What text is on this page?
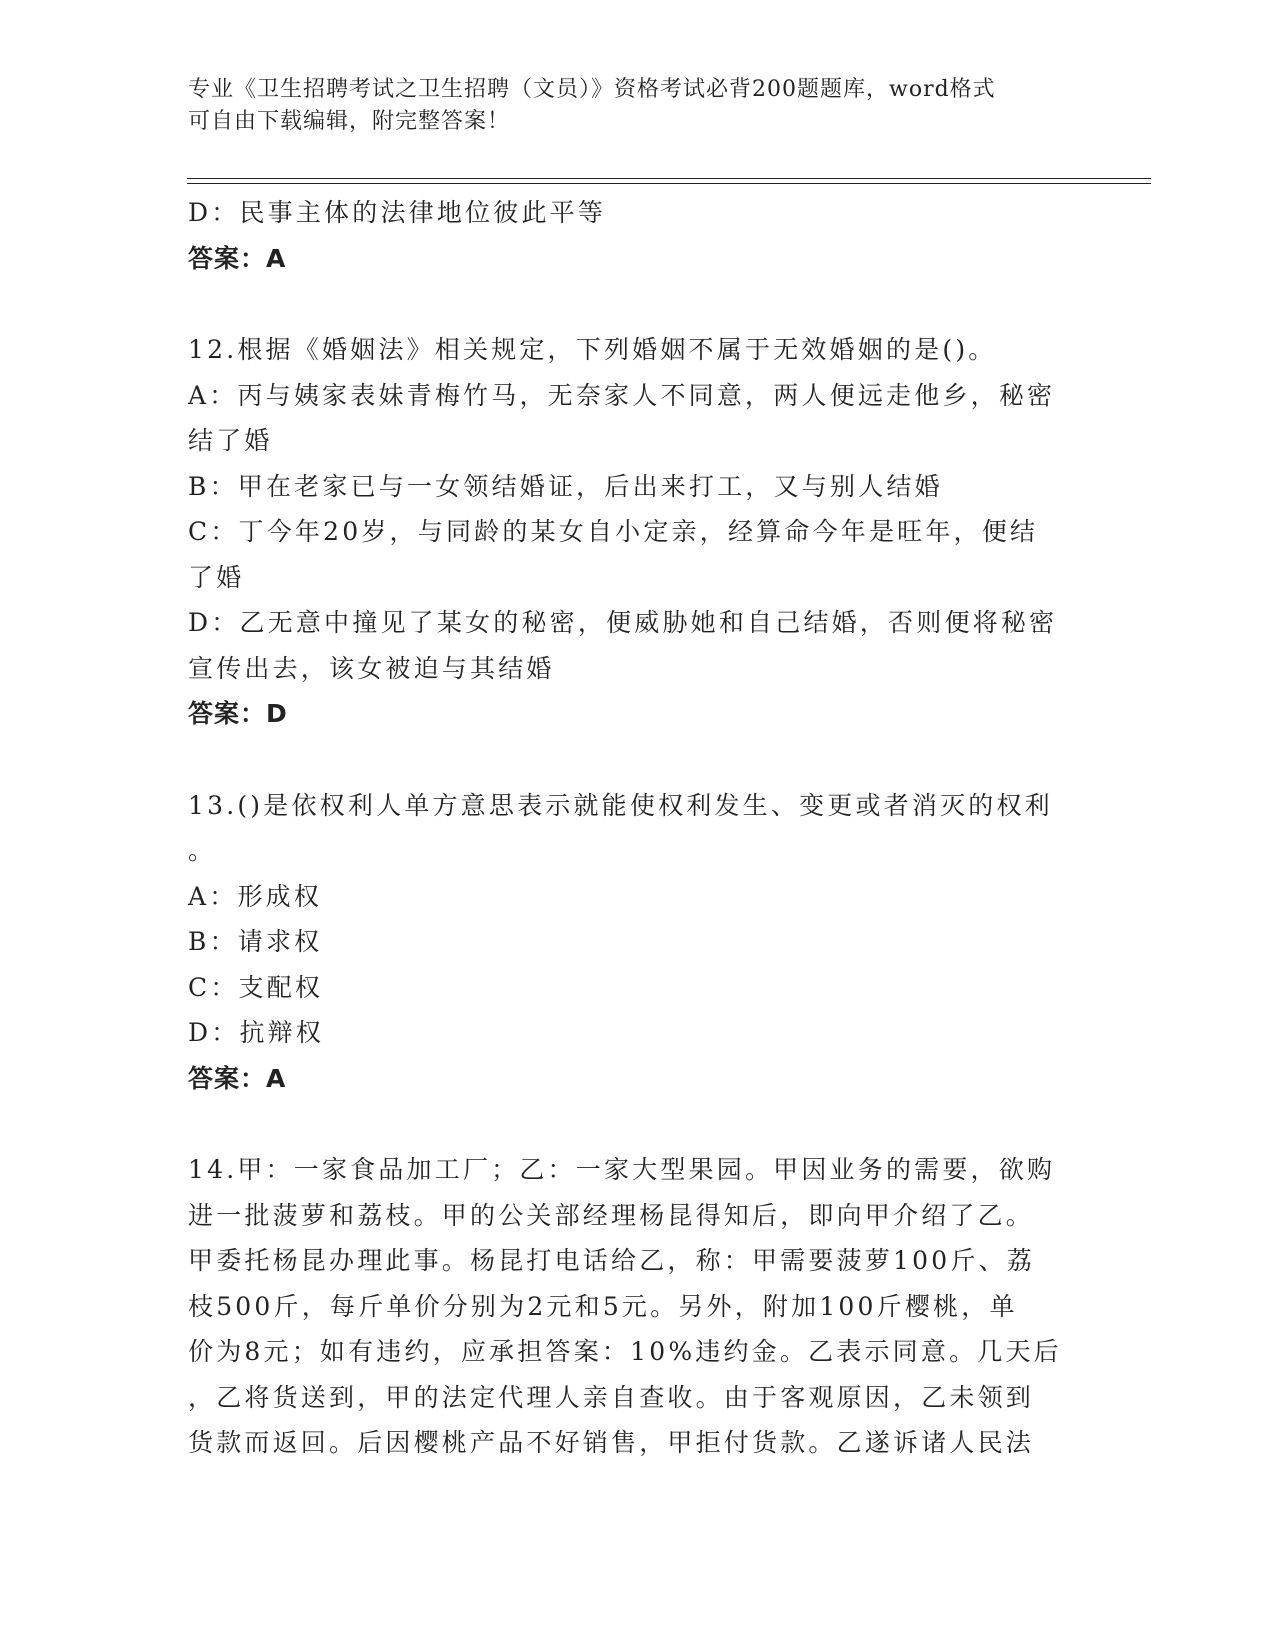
专业《卫生招聘考试之卫生招聘（文员）》资格考试必背200题题库，word格式
可自由下载编辑，附完整答案！
D：民事主体的法律地位彼此平等
答案：A
12.根据《婚姻法》相关规定，下列婚姻不属于无效婚姻的是()。
A：丙与姨家表妹青梅竹马，无奈家人不同意，两人便远走他乡，秘密
结了婚
B：甲在老家已与一女领结婚证，后出来打工，又与别人结婚
C：丁今年20岁，与同龄的某女自小定亲，经算命今年是旺年，便结
了婚
D：乙无意中撞见了某女的秘密，便威胁她和自己结婚，否则便将秘密
宣传出去，该女被迫与其结婚
答案：D
13.()是依权利人单方意思表示就能使权利发生、变更或者消灭的权利
。
A：形成权
B：请求权
C：支配权
D：抗辩权
答案：A
14.甲：一家食品加工厂；乙：一家大型果园。甲因业务的需要，欲购
进一批菠萝和荔枝。甲的公关部经理杨昆得知后，即向甲介绍了乙。
甲委托杨昆办理此事。杨昆打电话给乙，称：甲需要菠萝100斤、荔
枝500斤，每斤单价分别为2元和5元。另外，附加100斤樱桃，单
价为8元；如有违约，应承担答案：10%违约金。乙表示同意。几天后
，乙将货送到，甲的法定代理人亲自查收。由于客观原因，乙未领到
货款而返回。后因樱桃产品不好销售，甲拒付货款。乙遂诉诸人民法
